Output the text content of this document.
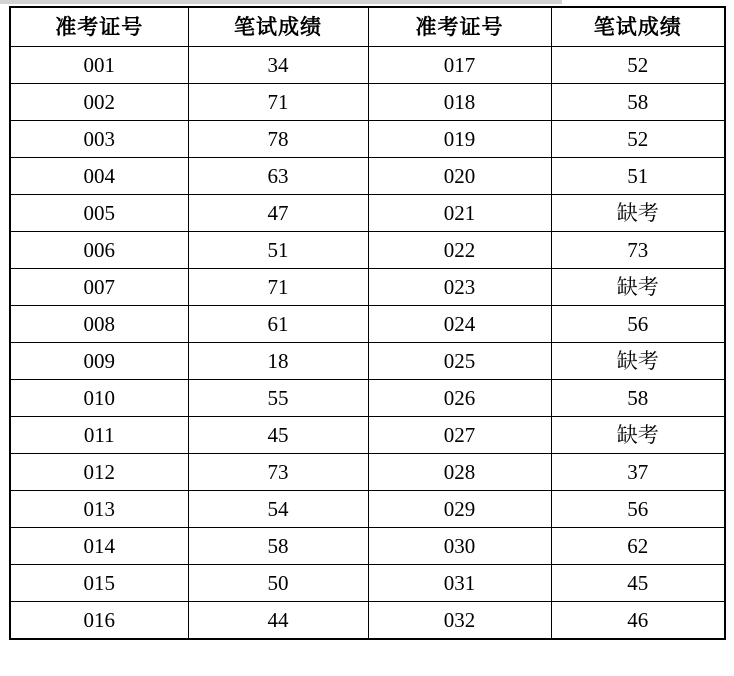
准考证号	笔试成绩	准考证号	笔试成绩
001	34	017	52
002	71	018	58
003	78	019	52
004	63	020	51
005	47	021	缺考
006	51	022	73
007	71	023	缺考
008	61	024	56
009	18	025	缺考
010	55	026	58
011	45	027	缺考
012	73	028	37
013	54	029	56
014	58	030	62
015	50	031	45
016	44	032	46
